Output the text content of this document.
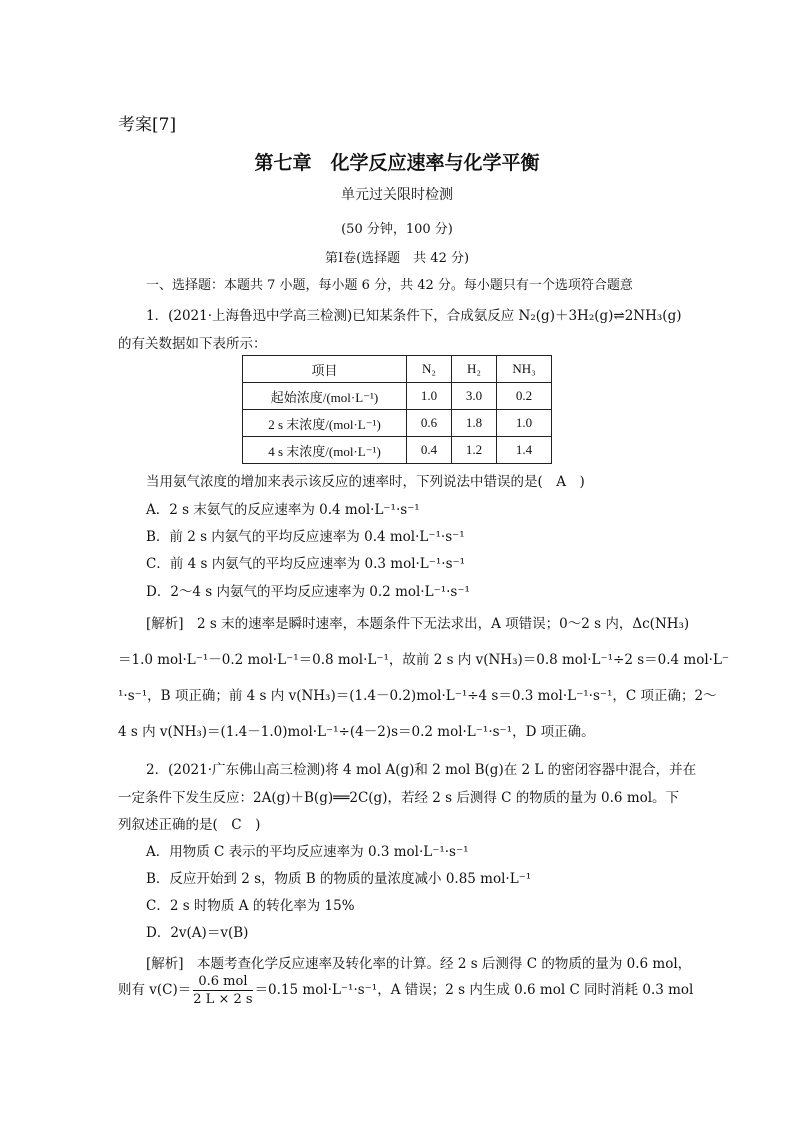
考案[7]
第七章　化学反应速率与化学平衡
单元过关限时检测
(50 分钟，100 分)
第Ⅰ卷(选择题　共 42 分)
一、选择题：本题共 7 小题，每小题 6 分，共 42 分。每小题只有一个选项符合题意
1．(2021·上海鲁迅中学高三检测)已知某条件下，合成氨反应 N₂(g)＋3H₂(g)⇌2NH₃(g)
的有关数据如下表所示：
项目	N₂	H₂	NH₃
起始浓度/(mol·L⁻¹)	1.0	3.0	0.2
2 s 末浓度/(mol·L⁻¹)	0.6	1.8	1.0
4 s 末浓度/(mol·L⁻¹)	0.4	1.2	1.4
当用氨气浓度的增加来表示该反应的速率时，下列说法中错误的是(　A　)
A．2 s 末氨气的反应速率为 0.4 mol·L⁻¹·s⁻¹
B．前 2 s 内氨气的平均反应速率为 0.4 mol·L⁻¹·s⁻¹
C．前 4 s 内氨气的平均反应速率为 0.3 mol·L⁻¹·s⁻¹
D．2～4 s 内氨气的平均反应速率为 0.2 mol·L⁻¹·s⁻¹
[解析]　2 s 末的速率是瞬时速率，本题条件下无法求出，A 项错误；0～2 s 内，Δc(NH₃)
＝1.0 mol·L⁻¹－0.2 mol·L⁻¹＝0.8 mol·L⁻¹，故前 2 s 内 v(NH₃)＝0.8 mol·L⁻¹÷2 s＝0.4 mol·L⁻
¹·s⁻¹，B 项正确；前 4 s 内 v(NH₃)＝(1.4－0.2)mol·L⁻¹÷4 s＝0.3 mol·L⁻¹·s⁻¹，C 项正确；2～
4 s 内 v(NH₃)＝(1.4－1.0)mol·L⁻¹÷(4－2)s＝0.2 mol·L⁻¹·s⁻¹，D 项正确。
2．(2021·广东佛山高三检测)将 4 mol A(g)和 2 mol B(g)在 2 L 的密闭容器中混合，并在
一定条件下发生反应：2A(g)＋B(g)══2C(g)，若经 2 s 后测得 C 的物质的量为 0.6 mol。下
列叙述正确的是(　C　)
A．用物质 C 表示的平均反应速率为 0.3 mol·L⁻¹·s⁻¹
B．反应开始到 2 s，物质 B 的物质的量浓度减小 0.85 mol·L⁻¹
C．2 s 时物质 A 的转化率为 15%
D．2v(A)＝v(B)
[解析]　本题考查化学反应速率及转化率的计算。经 2 s 后测得 C 的物质的量为 0.6 mol，
则有 $v(C)= \frac{\text{0.6 mol}}{2 L \times 2 s} =0.15$ mol·L⁻¹·s⁻¹，A 错误；2 s 内生成 0.6 mol C 同时消耗 0.3 mol
